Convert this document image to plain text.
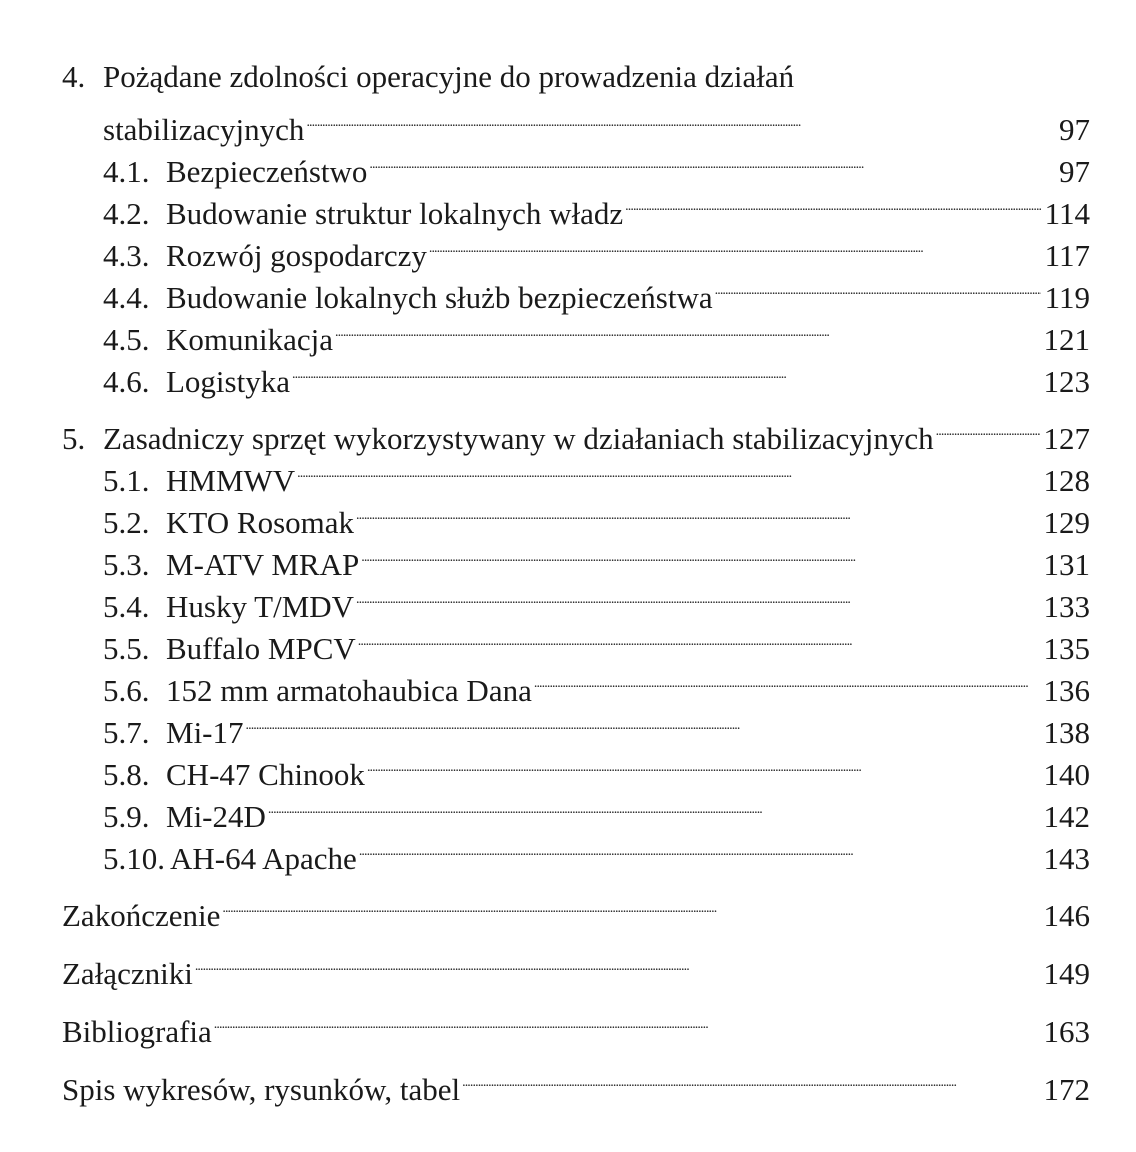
4. Pożądane zdolności operacyjne do prowadzenia działań
stabilizacyjnych . . .	97
4.1. Bezpieczeństwo . . .	97
4.2. Budowanie struktur lokalnych władz . . .	114
4.3. Rozwój gospodarczy . . .	117
4.4. Budowanie lokalnych służb bezpieczeństwa . . .	119
4.5. Komunikacja . . .	121
4.6. Logistyka . . .	123
5. Zasadniczy sprzęt wykorzystywany w działaniach stabilizacyjnych . . .	127
5.1. HMMWV . . .	128
5.2. KTO Rosomak . . .	129
5.3. M-ATV MRAP . . .	131
5.4. Husky T/MDV . . .	133
5.5. Buffalo MPCV . . .	135
5.6. 152 mm armatohaubica Dana . . .	136
5.7. Mi-17 . . .	138
5.8. CH-47 Chinook . . .	140
5.9. Mi-24D . . .	142
5.10. AH-64 Apache . . .	143
Zakończenie . . .	146
Załączniki . . .	149
Bibliografia . . .	163
Spis wykresów, rysunków, tabel . . .	172
